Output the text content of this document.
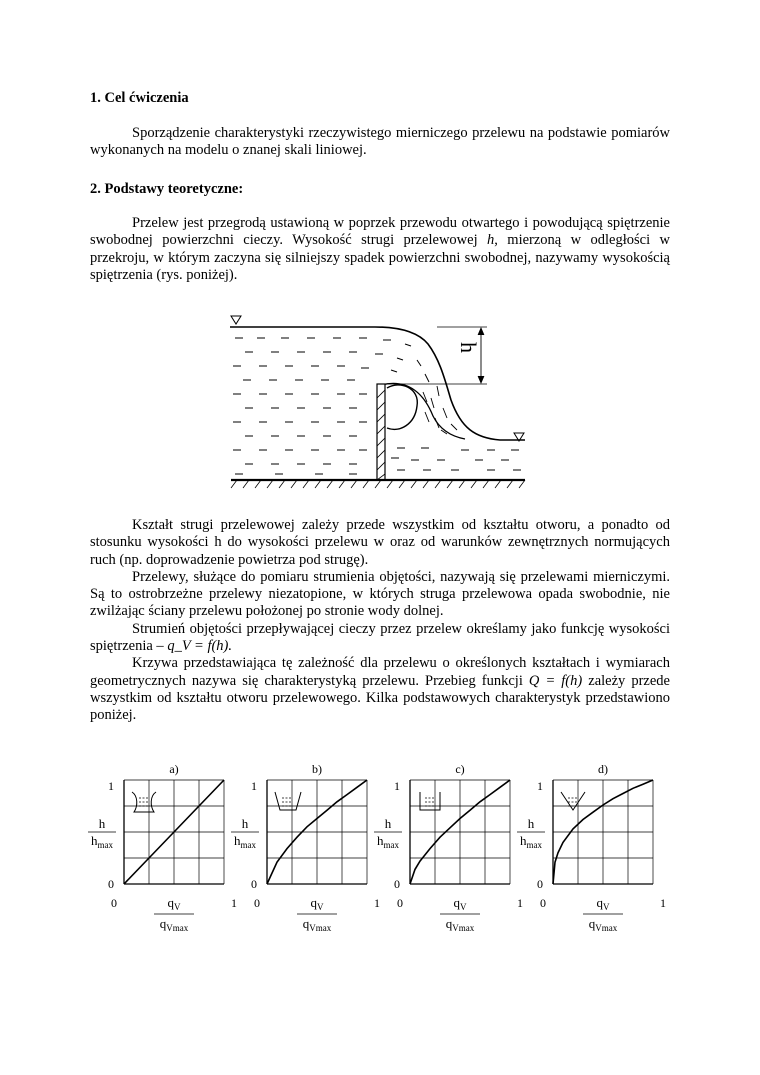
1. Cel ćwiczenia

Sporządzenie charakterystyki rzeczywistego mierniczego przelewu na podstawie pomiarów wykonanych na modelu o znanej skali liniowej.

2. Podstawy teoretyczne:

Przelew jest przegrodą ustawioną w poprzek przewodu otwartego i powodującą spiętrzenie swobodnej powierzchni cieczy. Wysokość strugi przelewowej h, mierzoną w odległości w przekroju, w którym zaczyna się silniejszy spadek powierzchni swobodnej, nazywamy wysokością spiętrzenia (rys. poniżej).

h

Kształt strugi przelewowej zależy przede wszystkim od kształtu otworu, a ponadto od stosunku wysokości h do wysokości przelewu w oraz od warunków zewnętrznych normujących ruch (np. doprowadzenie powietrza pod strugę).

Przelewy, służące do pomiaru strumienia objętości, nazywają się przelewami mierniczymi. Są to ostrobrzeżne przelewy niezatopione, w których struga przelewowa opada swobodnie, nie zwilżając ściany przelewu położonej po stronie wody dolnej.

Strumień objętości przepływającej cieczy przez przelew określamy jako funkcję wysokości spiętrzenia – q_V = f(h).

Krzywa przedstawiająca tę zależność dla przelewu o określonych kształtach i wymiarach geometrycznych nazywa się charakterystyką przelewu. Przebieg funkcji Q = f(h) zależy przede wszystkim od kształtu otworu przelewowego. Kilka podstawowych charakterystyk przedstawiono poniżej.

a)
0
1
0	1
h
$h_{max}$
$q_V$
$q_{Vmax}$
b)
0
1
0	1
h
$h_{max}$
$q_V$
$q_{Vmax}$
c)
0
1
0	1
h
$h_{max}$
$q_V$
$q_{Vmax}$
d)
0
1
0	1
h
$h_{max}$
$q_V$
$q_{Vmax}$
